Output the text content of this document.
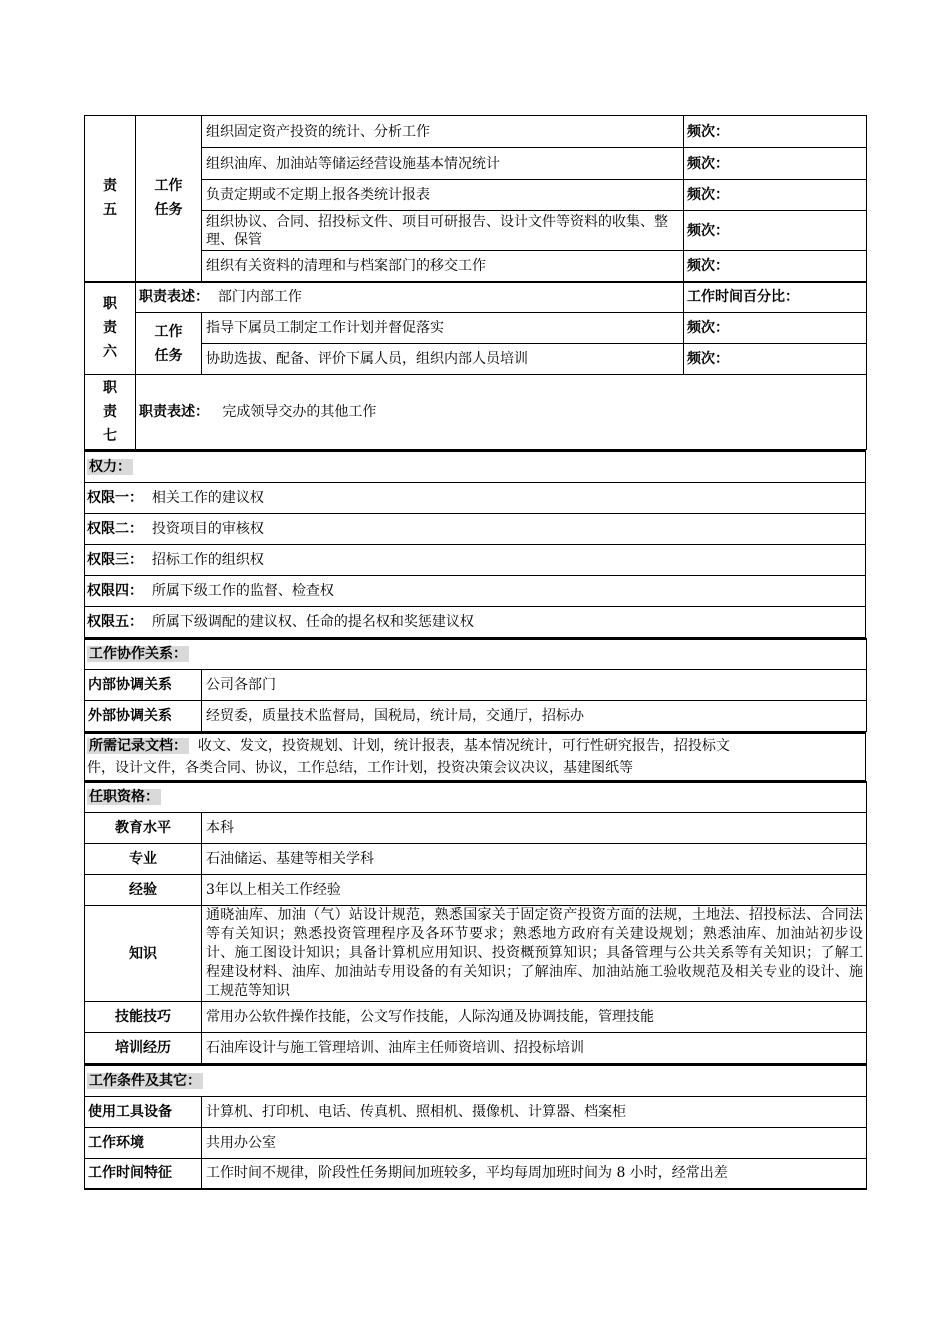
责五	工作任务	组织固定资产投资的统计、分析工作	频次：
		组织油库、加油站等储运经营设施基本情况统计	频次：
		负责定期或不定期上报各类统计报表	频次：
		组织协议、合同、招投标文件、项目可研报告、设计文件等资料的收集、整理、保管	频次：
		组织有关资料的清理和与档案部门的移交工作	频次：
职责六	职责表述： 部门内部工作		工作时间百分比：
	工作任务	指导下属员工制定工作计划并督促落实	频次：
		协助选拔、配备、评价下属人员，组织内部人员培训	频次：
职责七	职责表述： 完成领导交办的其他工作		
权力：
权限一： 相关工作的建议权
权限二： 投资项目的审核权
权限三： 招标工作的组织权
权限四： 所属下级工作的监督、检查权
权限五： 所属下级调配的建议权、任命的提名权和奖惩建议权
工作协作关系：	
内部协调关系	公司各部门
外部协调关系	经贸委，质量技术监督局，国税局，统计局，交通厅，招标办
所需记录文档： 收文、发文，投资规划、计划，统计报表，基本情况统计，可行性研究报告，招投标文
件，设计文件，各类合同、协议，工作总结，工作计划，投资决策会议决议，基建图纸等
任职资格：	
教育水平	本科
专业	石油储运、基建等相关学科
经验	3年以上相关工作经验
知识	通晓油库、加油（气）站设计规范，熟悉国家关于固定资产投资方面的法规，土地法、招投标法、合同法等有关知识；熟悉投资管理程序及各环节要求；熟悉地方政府有关建设规划；熟悉油库、加油站初步设计、施工图设计知识；具备计算机应用知识、投资概预算知识；具备管理与公共关系等有关知识；了解工程建设材料、油库、加油站专用设备的有关知识；了解油库、加油站施工验收规范及相关专业的设计、施工规范等知识
技能技巧	常用办公软件操作技能，公文写作技能，人际沟通及协调技能，管理技能
培训经历	石油库设计与施工管理培训、油库主任师资培训、招投标培训
工作条件及其它：	
使用工具设备	计算机、打印机、电话、传真机、照相机、摄像机、计算器、档案柜
工作环境	共用办公室
工作时间特征	工作时间不规律，阶段性任务期间加班较多，平均每周加班时间为 8 小时，经常出差
